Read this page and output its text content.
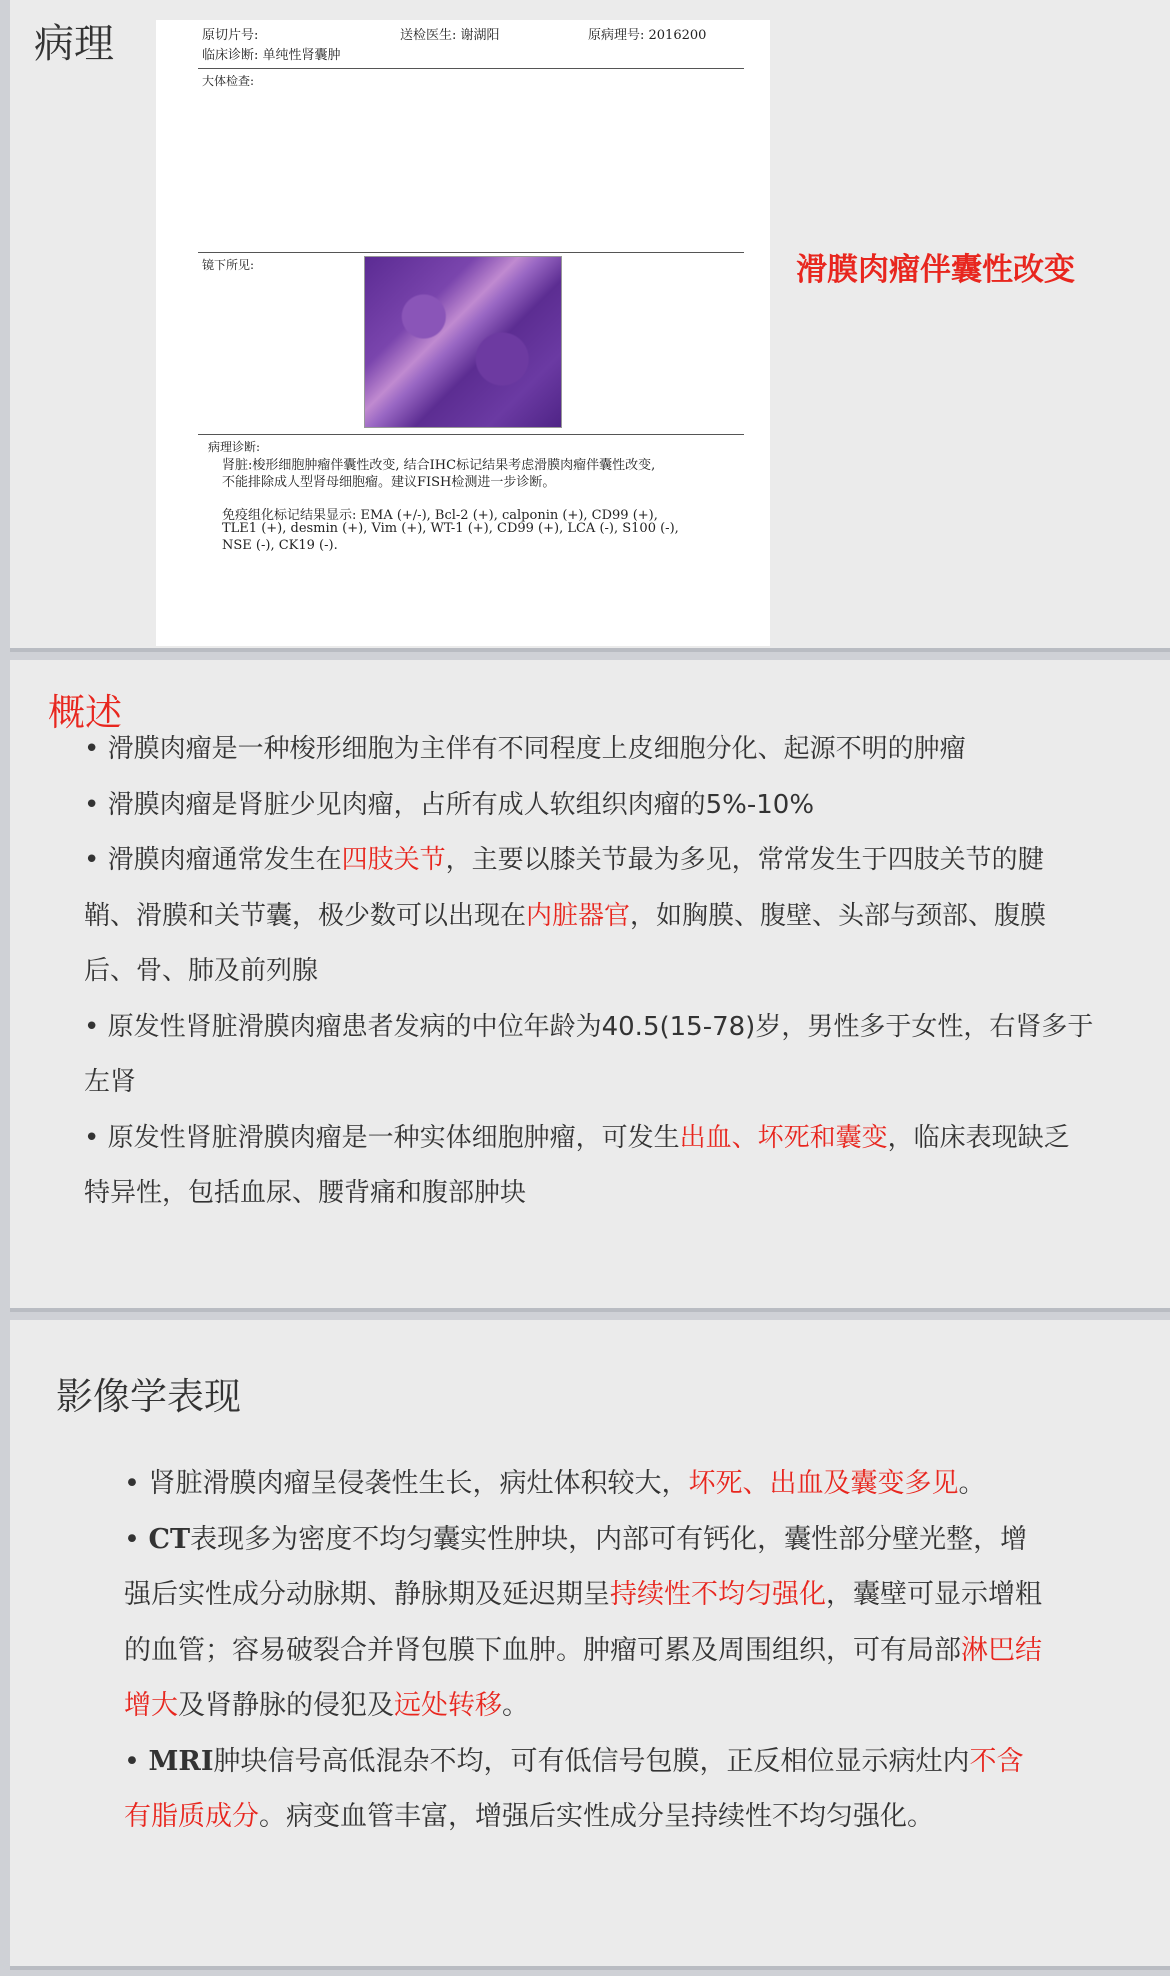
病理	原切片号:	送检医生: 谢湖阳	原病理号: 2016200
临床诊断: 单纯性肾囊肿
大体检查:
镜下所见:
病理诊断:
肾脏:梭形细胞肿瘤伴囊性改变, 结合IHC标记结果考虑滑膜肉瘤伴囊性改变,
不能排除成人型肾母细胞瘤。建议FISH检测进一步诊断。
免疫组化标记结果显示: EMA (+/-), Bcl-2 (+), calponin (+), CD99 (+),
TLE1 (+), desmin (+), Vim (+), WT-1 (+), CD99 (+), LCA (-), S100 (-),
NSE (-), CK19 (-).
滑膜肉瘤伴囊性改变
概述

• 滑膜肉瘤是一种梭形细胞为主伴有不同程度上皮细胞分化、起源不明的肿瘤

• 滑膜肉瘤是肾脏少见肉瘤，占所有成人软组织肉瘤的5%-10%

• 滑膜肉瘤通常发生在四肢关节，主要以膝关节最为多见，常常发生于四肢关节的腱鞘、滑膜和关节囊，极少数可以出现在内脏器官，如胸膜、腹壁、头部与颈部、腹膜后、骨、肺及前列腺

• 原发性肾脏滑膜肉瘤患者发病的中位年龄为40.5(15-78)岁，男性多于女性，右肾多于左肾

• 原发性肾脏滑膜肉瘤是一种实体细胞肿瘤，可发生出血、坏死和囊变，临床表现缺乏特异性，包括血尿、腰背痛和腹部肿块

影像学表现

• 肾脏滑膜肉瘤呈侵袭性生长，病灶体积较大，坏死、出血及囊变多见。

• CT表现多为密度不均匀囊实性肿块，内部可有钙化，囊性部分壁光整，增强后实性成分动脉期、静脉期及延迟期呈持续性不均匀强化，囊壁可显示增粗的血管；容易破裂合并肾包膜下血肿。肿瘤可累及周围组织，可有局部淋巴结增大及肾静脉的侵犯及远处转移。

• MRI肿块信号高低混杂不均，可有低信号包膜，正反相位显示病灶内不含有脂质成分。病变血管丰富，增强后实性成分呈持续性不均匀强化。
